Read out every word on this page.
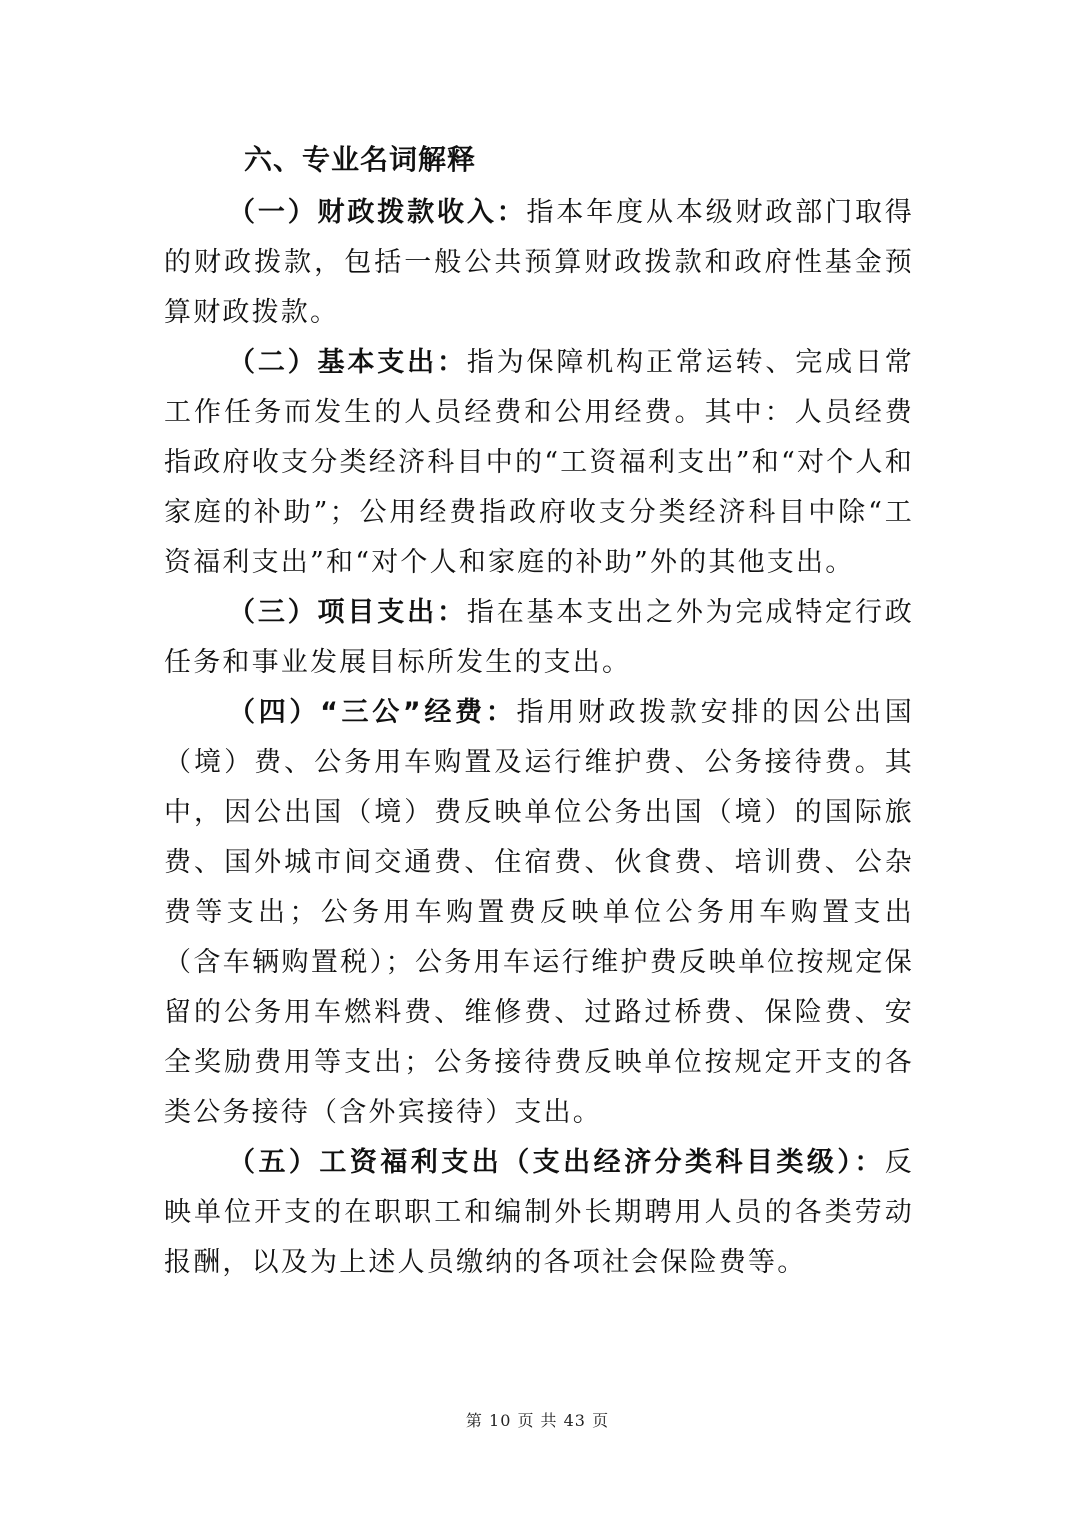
六、专业名词解释

（一）财政拨款收入：指本年度从本级财政部门取得的财政拨款，包括一般公共预算财政拨款和政府性基金预算财政拨款。

（二）基本支出：指为保障机构正常运转、完成日常工作任务而发生的人员经费和公用经费。其中：人员经费指政府收支分类经济科目中的“工资福利支出”和“对个人和家庭的补助”；公用经费指政府收支分类经济科目中除“工资福利支出”和“对个人和家庭的补助”外的其他支出。

（三）项目支出：指在基本支出之外为完成特定行政任务和事业发展目标所发生的支出。

（四）“三公”经费：指用财政拨款安排的因公出国（境）费、公务用车购置及运行维护费、公务接待费。其中，因公出国（境）费反映单位公务出国（境）的国际旅费、国外城市间交通费、住宿费、伙食费、培训费、公杂费等支出；公务用车购置费反映单位公务用车购置支出（含车辆购置税）；公务用车运行维护费反映单位按规定保留的公务用车燃料费、维修费、过路过桥费、保险费、安全奖励费用等支出；公务接待费反映单位按规定开支的各类公务接待（含外宾接待）支出。

（五）工资福利支出（支出经济分类科目类级）：反映单位开支的在职职工和编制外长期聘用人员的各类劳动报酬，以及为上述人员缴纳的各项社会保险费等。

第 10 页 共 43 页
